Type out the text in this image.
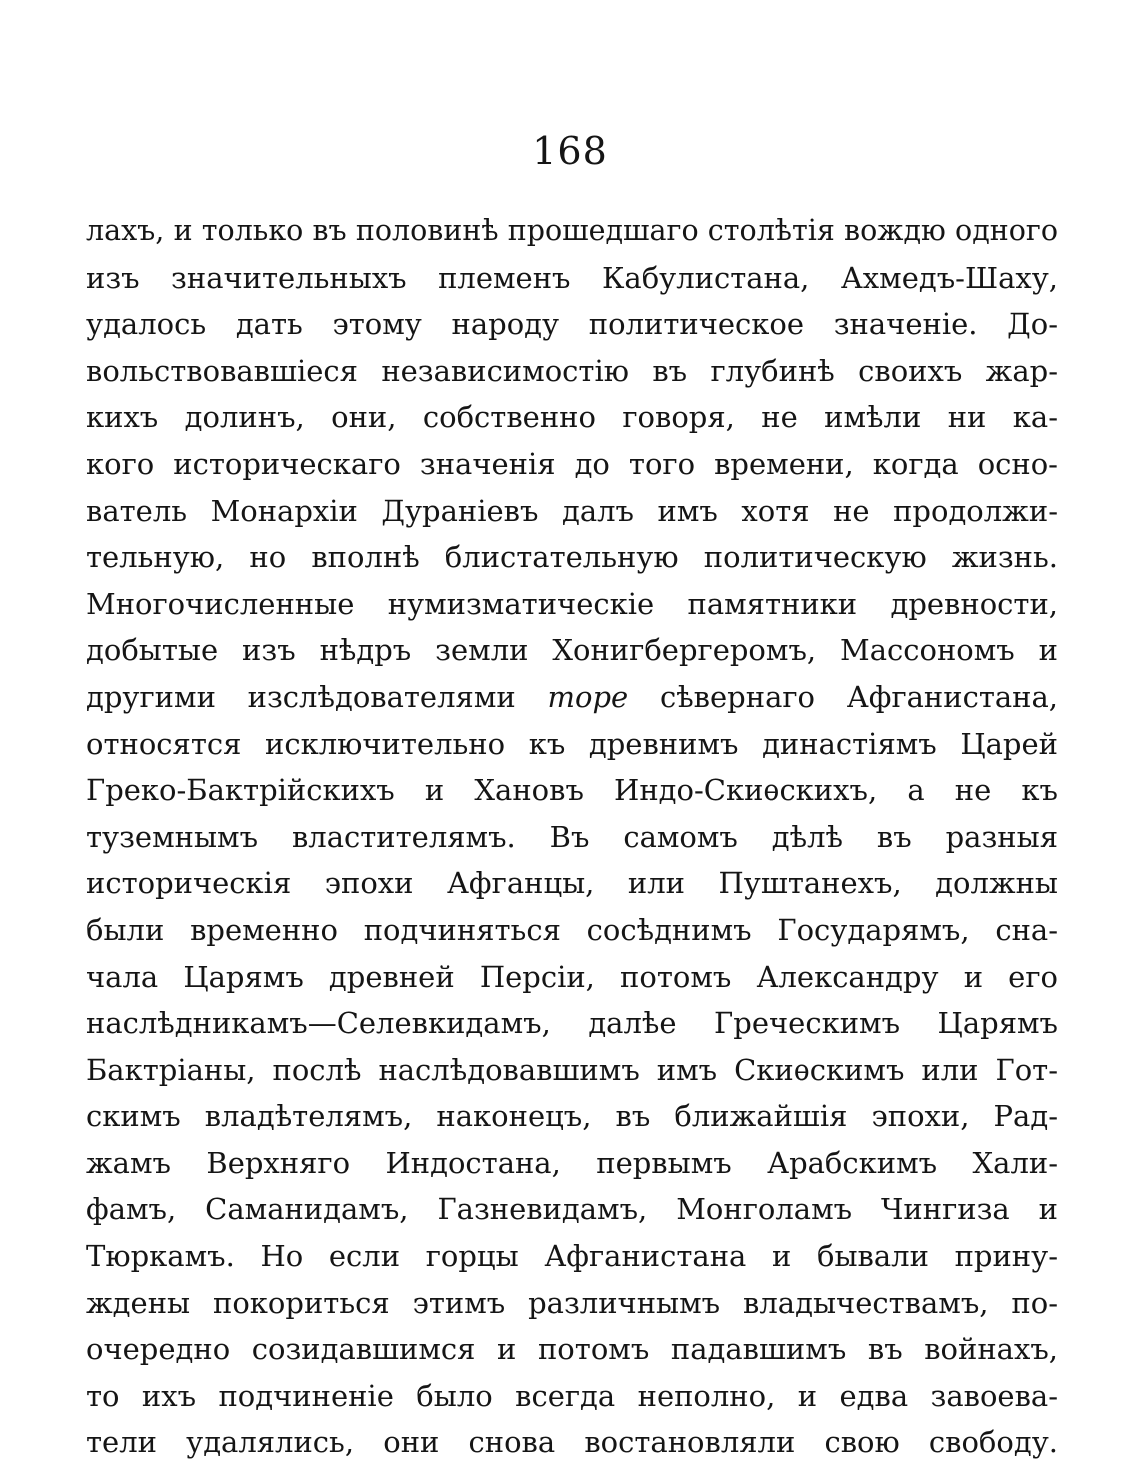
168
лахъ, и только въ половинѣ прошедшаго столѣтія вождю одного
изъ значительныхъ племенъ Кабулистана, Ахмедъ-Шаху,
удалось дать этому народу политическое значеніе. До-
вольствовавшіеся независимостію въ глубинѣ своихъ жар-
кихъ долинъ, они, собственно говоря, не имѣли ни ка-
кого историческаго значенія до того времени, когда осно-
ватель Монархіи Дураніевъ далъ имъ хотя не продолжи-
тельную, но вполнѣ блистательную политическую жизнь.
Многочисленные нумизматическіе памятники древности,
добытые изъ нѣдръ земли Хонигбергеромъ, Массономъ и
другими изслѣдователями торе сѣвернаго Афганистана,
относятся исключительно къ древнимъ династіямъ Царей
Греко-Бактрійскихъ и Хановъ Индо-Скиѳскихъ, а не къ
туземнымъ властителямъ. Въ самомъ дѣлѣ въ разныя
историческія эпохи Афганцы, или Пуштанехъ, должны
были временно подчиняться сосѣднимъ Государямъ, сна-
чала Царямъ древней Персіи, потомъ Александру и его
наслѣдникамъ—Селевкидамъ, далѣе Греческимъ Царямъ
Бактріаны, послѣ наслѣдовавшимъ имъ Скиѳскимъ или Гот-
скимъ владѣтелямъ, наконецъ, въ ближайшія эпохи, Рад-
жамъ Верхняго Индостана, первымъ Арабскимъ Хали-
фамъ, Саманидамъ, Газневидамъ, Монголамъ Чингиза и
Тюркамъ. Но если горцы Афганистана и бывали прину-
ждены покориться этимъ различнымъ владычествамъ, по-
очередно созидавшимся и потомъ падавшимъ въ войнахъ,
то ихъ подчиненіе было всегда неполно, и едва завоева-
тели удалялись, они снова востановляли свою свободу.
